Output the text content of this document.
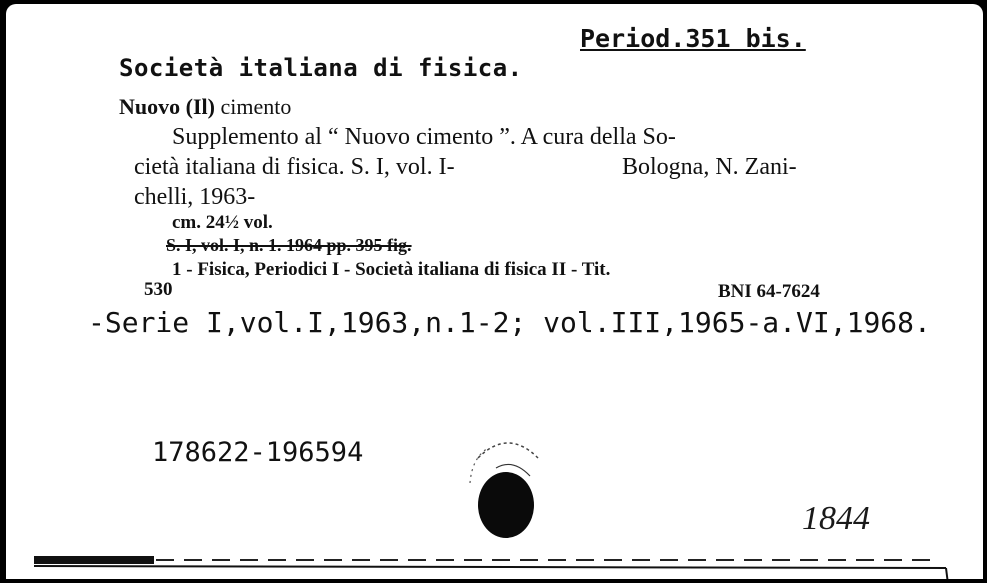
Period.351 bis.
Società italiana di fisica.
Nuovo (Il) cimento
Supplemento al “ Nuovo cimento ”. A cura della So-
cietà italiana di fisica. S. I, vol. I-	Bologna, N. Zani-
chelli, 1963-
cm. 24½ vol.
S. I, vol. I, n. 1. 1964 pp. 395 fig.
1 - Fisica, Periodici I - Società italiana di fisica II - Tit.
530	BNI 64-7624
-Serie I,vol.I,1963,n.1-2; vol.III,1965-a.VI,1968.
178622-196594
1844
